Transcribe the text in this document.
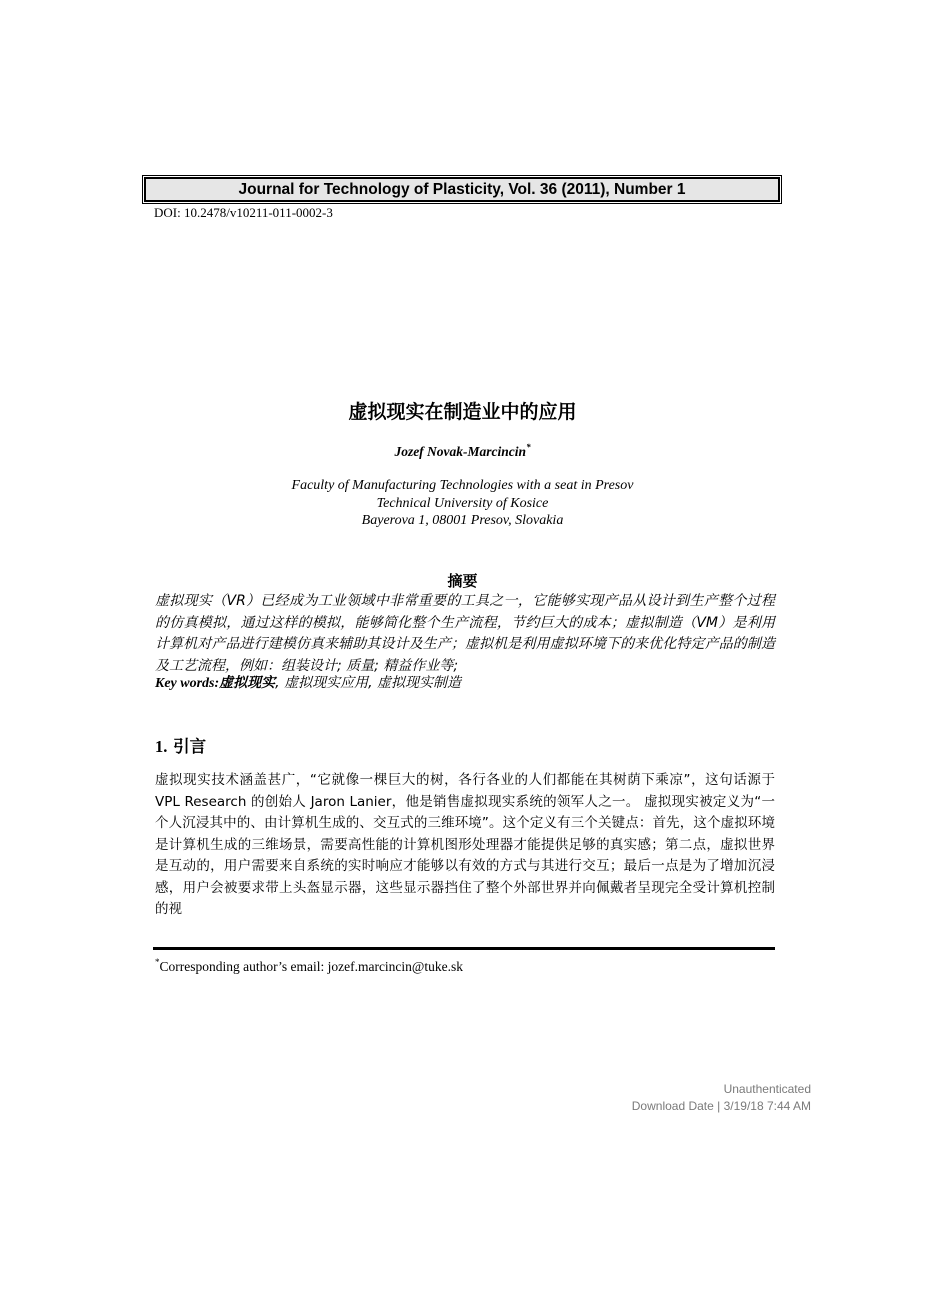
Journal for Technology of Plasticity, Vol. 36 (2011), Number 1
DOI: 10.2478/v10211-011-0002-3
虚拟现实在制造业中的应用
Jozef Novak-Marcincin*
Faculty of Manufacturing Technologies with a seat in Presov
Technical University of Kosice
Bayerova 1, 08001 Presov, Slovakia
摘要
虚拟现实（VR）已经成为工业领域中非常重要的工具之一，它能够实现产品从设计到生产整个过程的仿真模拟，通过这样的模拟，能够简化整个生产流程，节约巨大的成本；虚拟制造（VM）是利用计算机对产品进行建模仿真来辅助其设计及生产；虚拟机是利用虚拟环境下的来优化特定产品的制造及工艺流程，例如：组装设计; 质量; 精益作业等;
Key words:虚拟现实, 虚拟现实应用, 虚拟现实制造
1. 引言
虚拟现实技术涵盖甚广，“它就像一棵巨大的树，各行各业的人们都能在其树荫下乘凉”，这句话源于 VPL Research 的创始人 Jaron Lanier，他是销售虚拟现实系统的领军人之一。 虚拟现实被定义为“一个人沉浸其中的、由计算机生成的、交互式的三维环境”。这个定义有三个关键点：首先，这个虚拟环境是计算机生成的三维场景，需要高性能的计算机图形处理器才能提供足够的真实感；第二点，虚拟世界是互动的，用户需要来自系统的实时响应才能够以有效的方式与其进行交互；最后一点是为了增加沉浸感，用户会被要求带上头盔显示器，这些显示器挡住了整个外部世界并向佩戴者呈现完全受计算机控制的视
*Corresponding author’s email: jozef.marcincin@tuke.sk
Unauthenticated
Download Date | 3/19/18 7:44 AM
